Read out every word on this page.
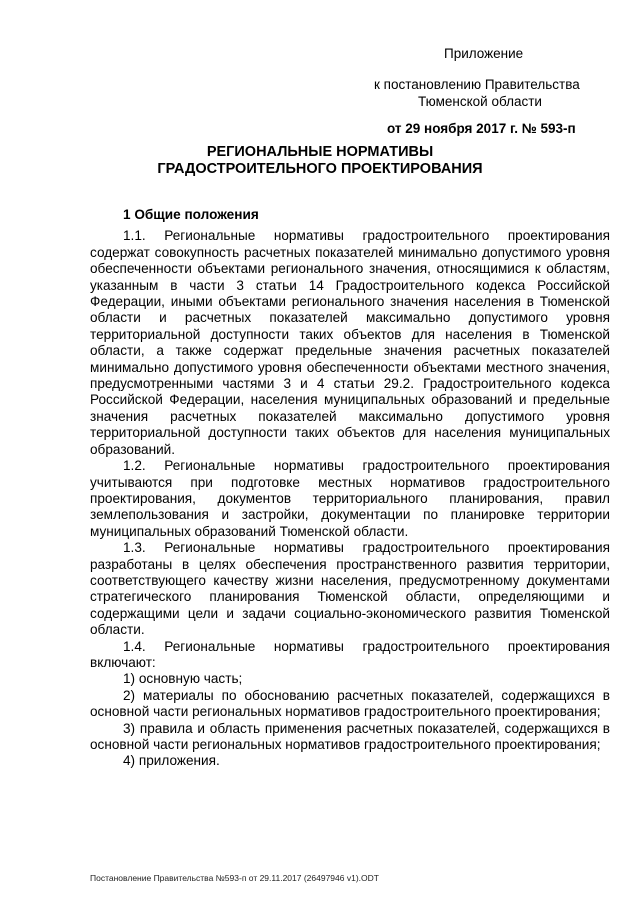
Приложение
к постановлению Правительства
Тюменской области
от 29 ноября 2017 г. № 593-п
РЕГИОНАЛЬНЫЕ НОРМАТИВЫ
ГРАДОСТРОИТЕЛЬНОГО ПРОЕКТИРОВАНИЯ
1 Общие положения

1.1. Региональные нормативы градостроительного проектирования содержат совокупность расчетных показателей минимально допустимого уровня обеспеченности объектами регионального значения, относящимися к областям, указанным в части 3 статьи 14 Градостроительного кодекса Российской Федерации, иными объектами регионального значения населения в Тюменской области и расчетных показателей максимально допустимого уровня территориальной доступности таких объектов для населения в Тюменской области, а также содержат предельные значения расчетных показателей минимально допустимого уровня обеспеченности объектами местного значения, предусмотренными частями 3 и 4 статьи 29.2. Градостроительного кодекса Российской Федерации, населения муниципальных образований и предельные значения расчетных показателей максимально допустимого уровня территориальной доступности таких объектов для населения муниципальных образований.

1.2. Региональные нормативы градостроительного проектирования учитываются при подготовке местных нормативов градостроительного проектирования, документов территориального планирования, правил землепользования и застройки, документации по планировке территории муниципальных образований Тюменской области.

1.3. Региональные нормативы градостроительного проектирования разработаны в целях обеспечения пространственного развития территории, соответствующего качеству жизни населения, предусмотренному документами стратегического планирования Тюменской области, определяющими и содержащими цели и задачи социально-экономического развития Тюменской области.

1.4. Региональные нормативы градостроительного проектирования включают:

1) основную часть;

2) материалы по обоснованию расчетных показателей, содержащихся в основной части региональных нормативов градостроительного проектирования;

3) правила и область применения расчетных показателей, содержащихся в основной части региональных нормативов градостроительного проектирования;

4) приложения.

Постановление Правительства №593-п от 29.11.2017 (26497946 v1).ODT
